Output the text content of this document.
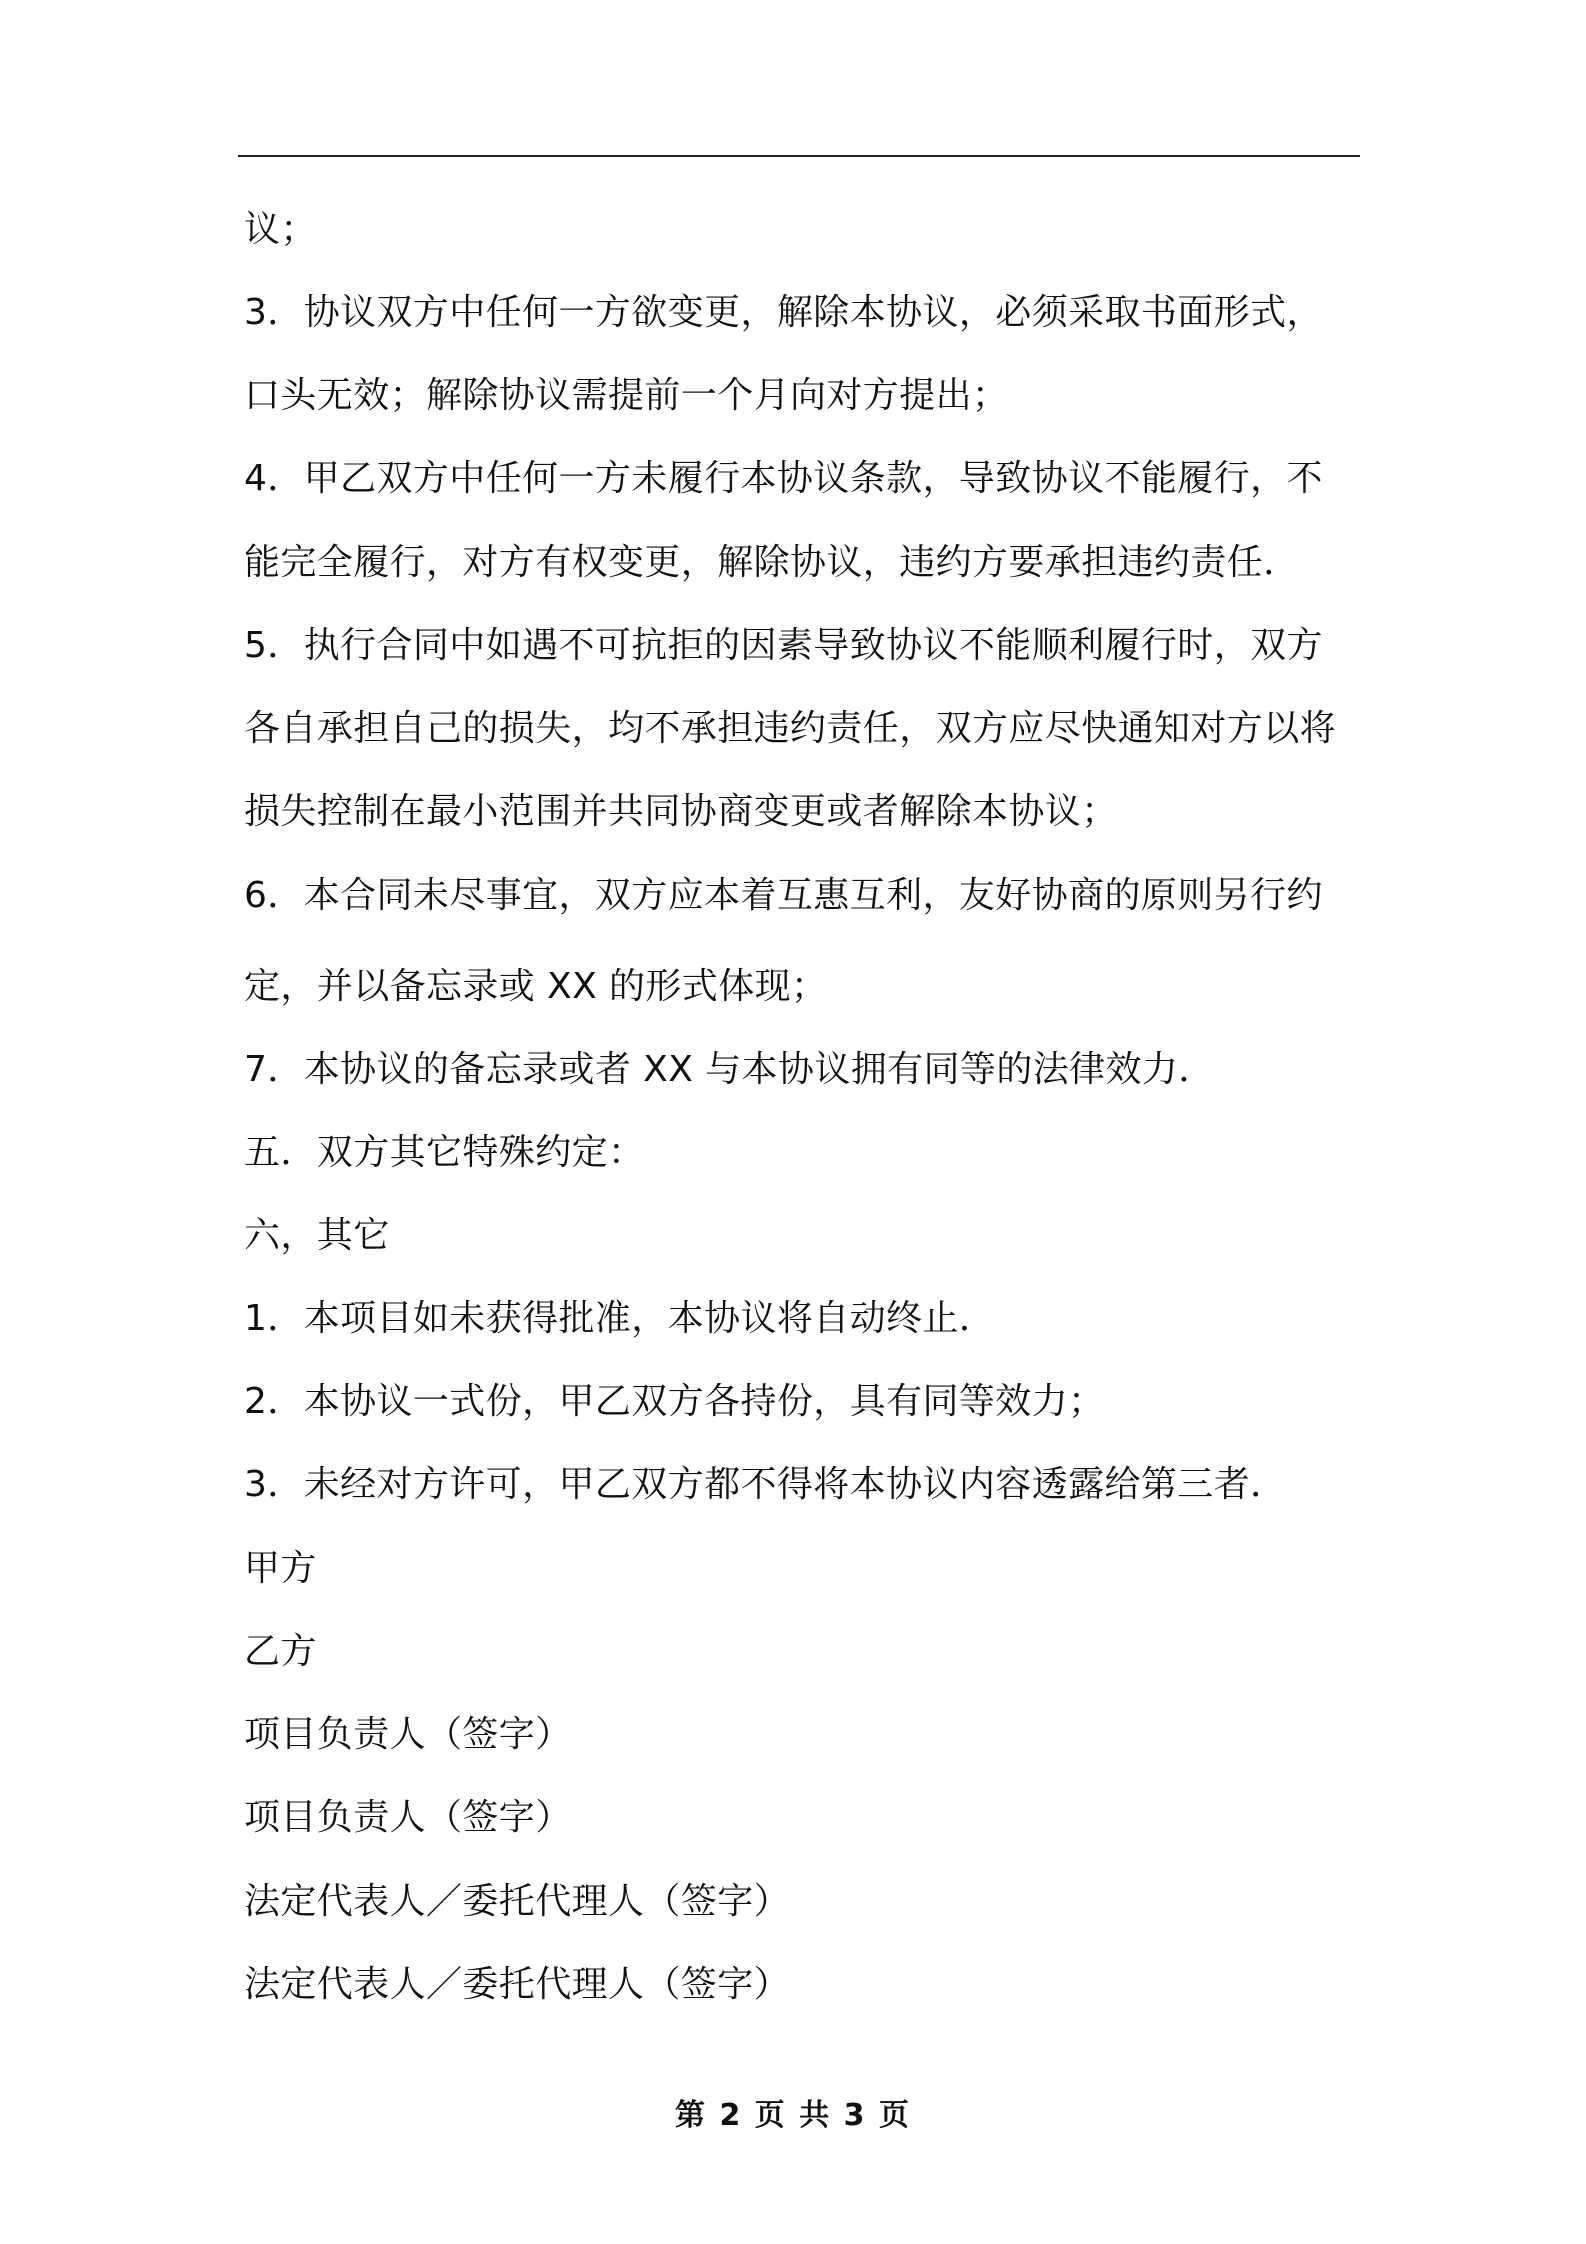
议；
3．协议双方中任何一方欲变更，解除本协议，必须采取书面形式，
口头无效；解除协议需提前一个月向对方提出；
4．甲乙双方中任何一方未履行本协议条款，导致协议不能履行，不
能完全履行，对方有权变更，解除协议，违约方要承担违约责任．
5．执行合同中如遇不可抗拒的因素导致协议不能顺利履行时，双方
各自承担自己的损失，均不承担违约责任，双方应尽快通知对方以将
损失控制在最小范围并共同协商变更或者解除本协议；
6．本合同未尽事宜，双方应本着互惠互利，友好协商的原则另行约
定，并以备忘录或 XX 的形式体现；
7．本协议的备忘录或者 XX 与本协议拥有同等的法律效力．
五．双方其它特殊约定：
六，其它
1．本项目如未获得批准，本协议将自动终止．
2．本协议一式份，甲乙双方各持份，具有同等效力；
3．未经对方许可，甲乙双方都不得将本协议内容透露给第三者．
甲方
乙方
项目负责人（签字）
项目负责人（签字）
法定代表人／委托代理人（签字）
法定代表人／委托代理人（签字）
第 2 页 共 3 页
